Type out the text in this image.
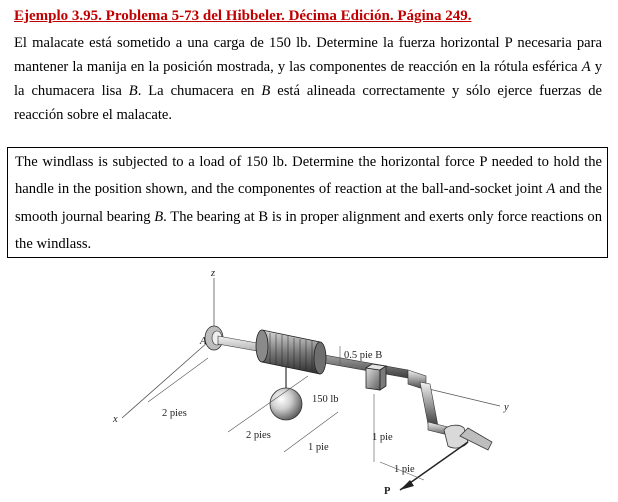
Ejemplo 3.95. Problema 5-73 del Hibbeler. Décima Edición. Página 249.
El malacate está sometido a una carga de 150 lb. Determine la fuerza horizontal P necesaria para mantener la manija en la posición mostrada, y las componentes de reacción en la rótula esférica A y la chumacera lisa B. La chumacera en B está alineada correctamente y sólo ejerce fuerzas de reacción sobre el malacate.
The windlass is subjected to a load of 150 lb. Determine the horizontal force P needed to hold the handle in the position shown, and the componentes of reaction at the ball-and-socket joint A and the smooth journal bearing B. The bearing at B is in proper alignment and exerts only force reactions on the windlass.
z
x
y
A
150 lb
0.5 pie B
P
2 pies
2 pies
1 pie
1 pie
1 pie
